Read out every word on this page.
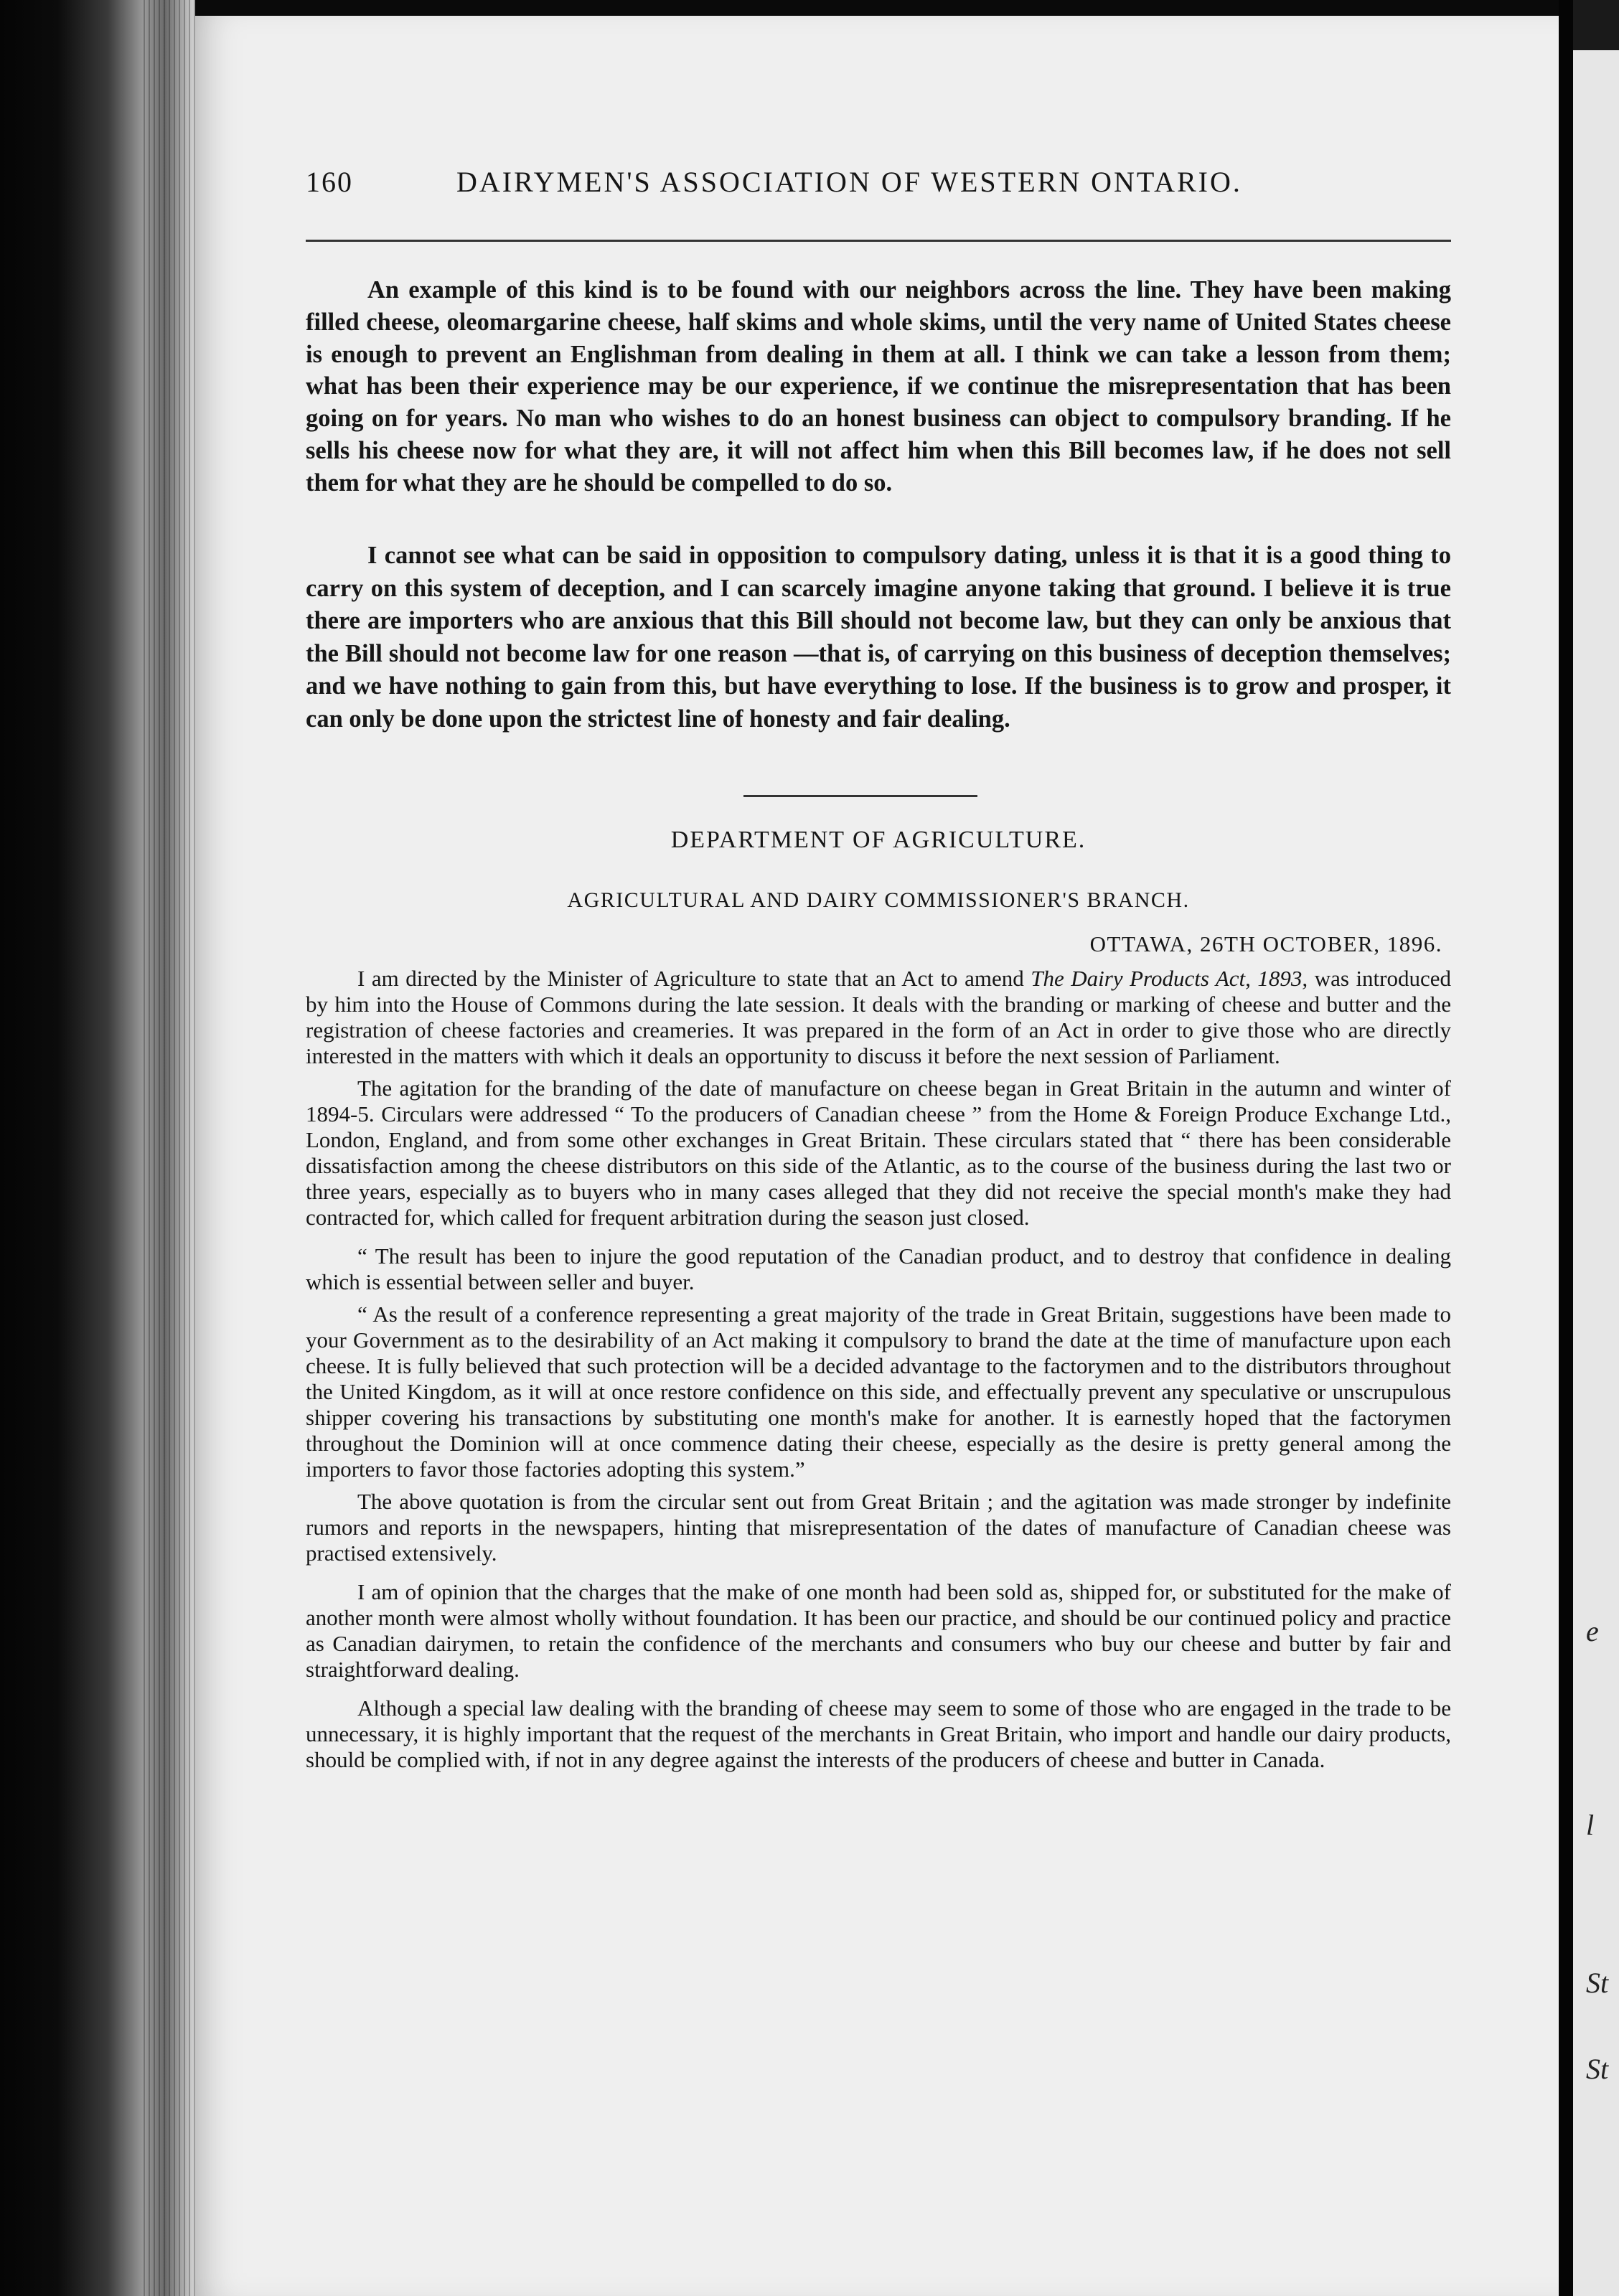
e
l
St
St
160	DAIRYMEN'S ASSOCIATION OF WESTERN ONTARIO.

An example of this kind is to be found with our neighbors across the line. They have been making filled cheese, oleomargarine cheese, half skims and whole skims, until the very name of United States cheese is enough to prevent an Englishman from dealing in them at all. I think we can take a lesson from them; what has been their experience may be our experience, if we continue the misrepresentation that has been going on for years. No man who wishes to do an honest business can object to compulsory branding. If he sells his cheese now for what they are, it will not affect him when this Bill becomes law, if he does not sell them for what they are he should be compelled to do so.

I cannot see what can be said in opposition to compulsory dating, unless it is that it is a good thing to carry on this system of deception, and I can scarcely imagine anyone taking that ground. I believe it is true there are importers who are anxious that this Bill should not become law, but they can only be anxious that the Bill should not become law for one reason —that is, of carrying on this business of deception themselves; and we have nothing to gain from this, but have everything to lose. If the business is to grow and prosper, it can only be done upon the strictest line of honesty and fair dealing.

DEPARTMENT OF AGRICULTURE.
AGRICULTURAL AND DAIRY COMMISSIONER'S BRANCH.
OTTAWA, 26TH OCTOBER, 1896.

I am directed by the Minister of Agriculture to state that an Act to amend The Dairy Products Act, 1893, was introduced by him into the House of Commons during the late session. It deals with the branding or marking of cheese and butter and the registration of cheese factories and creameries. It was prepared in the form of an Act in order to give those who are directly interested in the matters with which it deals an opportunity to discuss it before the next session of Parliament.

The agitation for the branding of the date of manufacture on cheese began in Great Britain in the autumn and winter of 1894-5. Circulars were addressed “ To the producers of Canadian cheese ” from the Home & Foreign Produce Exchange Ltd., London, England, and from some other exchanges in Great Britain. These circulars stated that “ there has been considerable dissatisfaction among the cheese distributors on this side of the Atlantic, as to the course of the business during the last two or three years, especially as to buyers who in many cases alleged that they did not receive the special month's make they had contracted for, which called for frequent arbitration during the season just closed.

“ The result has been to injure the good reputation of the Canadian product, and to destroy that confidence in dealing which is essential between seller and buyer.

“ As the result of a conference representing a great majority of the trade in Great Britain, suggestions have been made to your Government as to the desirability of an Act making it compulsory to brand the date at the time of manufacture upon each cheese. It is fully believed that such protection will be a decided advantage to the factorymen and to the distributors throughout the United Kingdom, as it will at once restore confidence on this side, and effectually prevent any speculative or unscrupulous shipper covering his transactions by substituting one month's make for another. It is earnestly hoped that the factorymen throughout the Dominion will at once commence dating their cheese, especially as the desire is pretty general among the importers to favor those factories adopting this system.”

The above quotation is from the circular sent out from Great Britain ; and the agitation was made stronger by indefinite rumors and reports in the newspapers, hinting that misrepresentation of the dates of manufacture of Canadian cheese was practised extensively.

I am of opinion that the charges that the make of one month had been sold as, shipped for, or substituted for the make of another month were almost wholly without foundation. It has been our practice, and should be our continued policy and practice as Canadian dairymen, to retain the confidence of the merchants and consumers who buy our cheese and butter by fair and straightforward dealing.

Although a special law dealing with the branding of cheese may seem to some of those who are engaged in the trade to be unnecessary, it is highly important that the request of the merchants in Great Britain, who import and handle our dairy products, should be complied with, if not in any degree against the interests of the producers of cheese and butter in Canada.
